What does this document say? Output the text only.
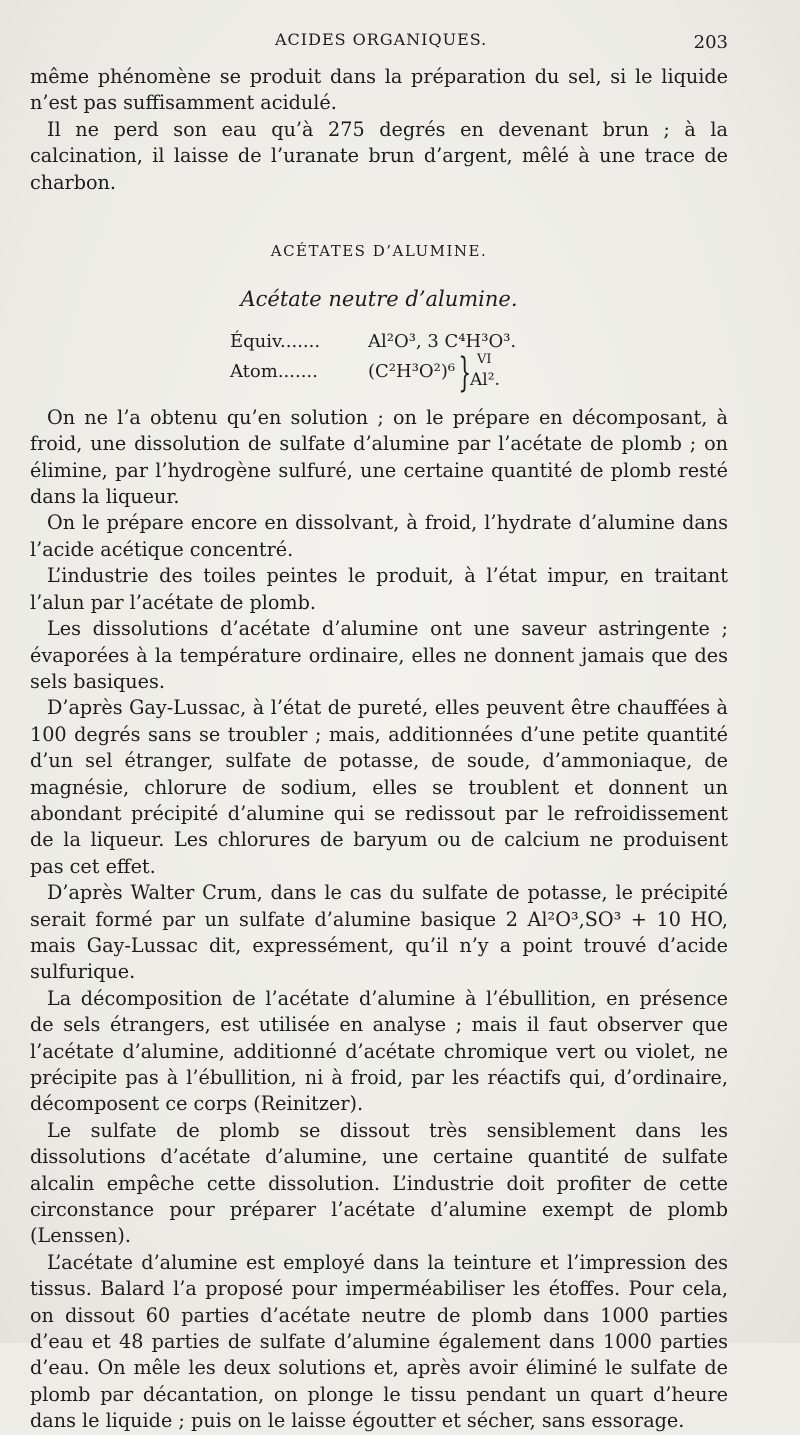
ACIDES ORGANIQUES.	203

même phénomène se produit dans la préparation du sel, si le liquide n’est pas suffisamment acidulé.

Il ne perd son eau qu’à 275 degrés en devenant brun ; à la calcination, il laisse de l’uranate brun d’argent, mêlé à une trace de charbon.

ACÉTATES D’ALUMINE.
Acétate neutre d’alumine.
Équiv.......	Al²O³, 3 C⁴H³O³.
Atom.......	(C²H³O²)⁶ } VI
Al².

On ne l’a obtenu qu’en solution ; on le prépare en décomposant, à froid, une dissolution de sulfate d’alumine par l’acétate de plomb ; on élimine, par l’hydrogène sulfuré, une certaine quantité de plomb resté dans la liqueur.

On le prépare encore en dissolvant, à froid, l’hydrate d’alumine dans l’acide acétique concentré.

L’industrie des toiles peintes le produit, à l’état impur, en traitant l’alun par l’acétate de plomb.

Les dissolutions d’acétate d’alumine ont une saveur astringente ; évaporées à la température ordinaire, elles ne donnent jamais que des sels basiques.

D’après Gay-Lussac, à l’état de pureté, elles peuvent être chauffées à 100 degrés sans se troubler ; mais, additionnées d’une petite quantité d’un sel étranger, sulfate de potasse, de soude, d’ammoniaque, de magnésie, chlorure de sodium, elles se troublent et donnent un abondant précipité d’alumine qui se redissout par le refroidissement de la liqueur. Les chlorures de baryum ou de calcium ne produisent pas cet effet.

D’après Walter Crum, dans le cas du sulfate de potasse, le précipité serait formé par un sulfate d’alumine basique 2 Al²O³,SO³ + 10 HO, mais Gay-Lussac dit, expressément, qu’il n’y a point trouvé d’acide sulfurique.

La décomposition de l’acétate d’alumine à l’ébullition, en présence de sels étrangers, est utilisée en analyse ; mais il faut observer que l’acétate d’alumine, additionné d’acétate chromique vert ou violet, ne précipite pas à l’ébullition, ni à froid, par les réactifs qui, d’ordinaire, décomposent ce corps (Reinitzer).

Le sulfate de plomb se dissout très sensiblement dans les dissolutions d’acétate d’alumine, une certaine quantité de sulfate alcalin empêche cette dissolution. L’industrie doit profiter de cette circonstance pour préparer l’acétate d’alumine exempt de plomb (Lenssen).

L’acétate d’alumine est employé dans la teinture et l’impression des tissus. Balard l’a proposé pour imperméabiliser les étoffes. Pour cela, on dissout 60 parties d’acétate neutre de plomb dans 1000 parties d’eau et 48 parties de sulfate d’alumine également dans 1000 parties d’eau. On mêle les deux solutions et, après avoir éliminé le sulfate de plomb par décantation, on plonge le tissu pendant un quart d’heure dans le liquide ; puis on le laisse égoutter et sécher, sans essorage.
